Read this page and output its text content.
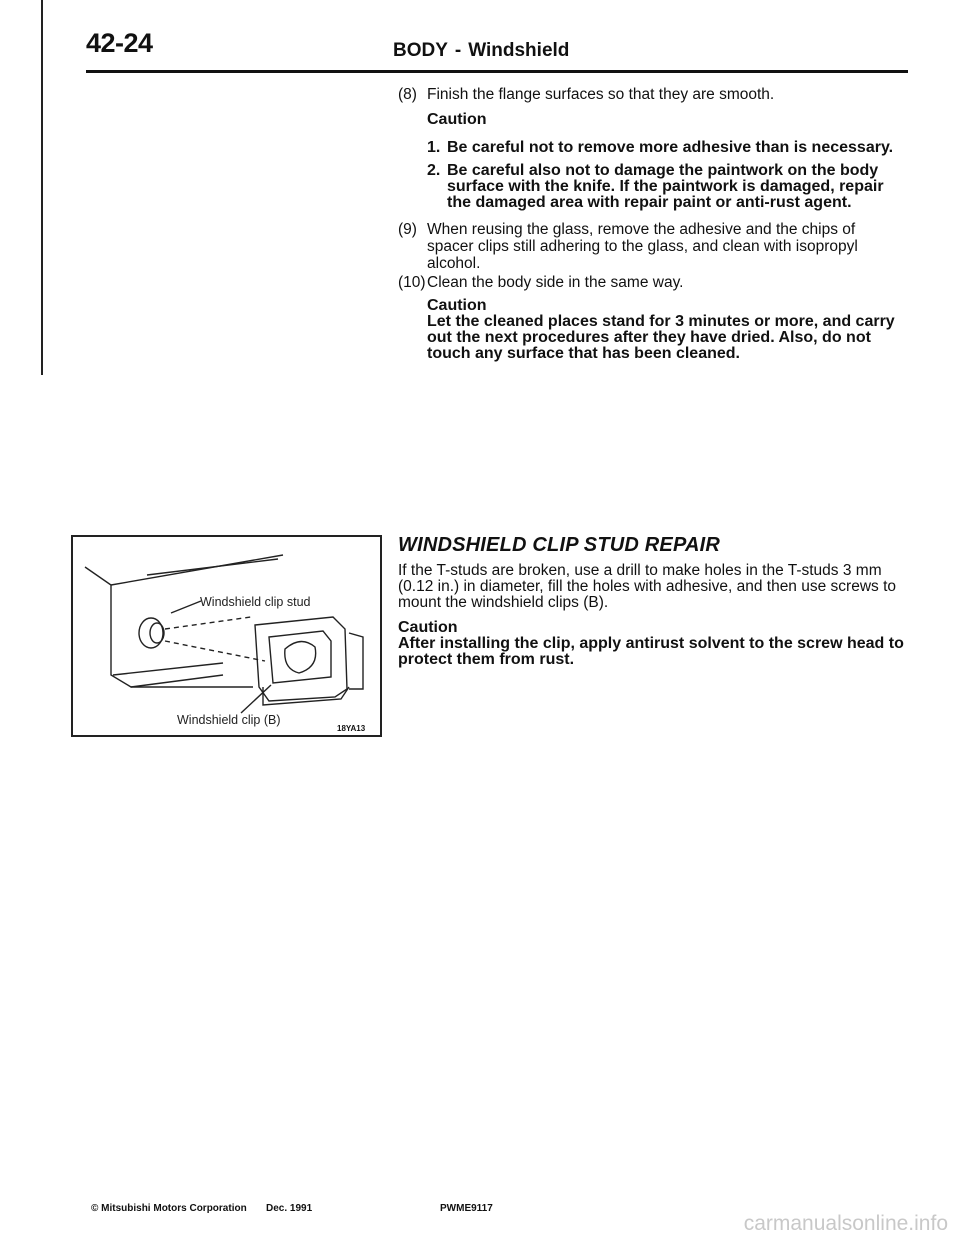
42-24	BODY - Windshield

(8) Finish the flange surfaces so that they are smooth.

Caution
1. Be careful not to remove more adhesive than is necessary.
2. Be careful also not to damage the paintwork on the body surface with the knife. If the paintwork is damaged, repair the damaged area with repair paint or anti-rust agent.

(9) When reusing the glass, remove the adhesive and the chips of spacer clips still adhering to the glass, and clean with isopropyl alcohol.

(10) Clean the body side in the same way.

Caution
Let the cleaned places stand for 3 minutes or more, and carry out the next procedures after they have dried. Also, do not touch any surface that has been cleaned.
WINDSHIELD CLIP STUD REPAIR
If the T-studs are broken, use a drill to make holes in the T-studs 3 mm (0.12 in.) in diameter, fill the holes with adhesive, and then use screws to mount the windshield clips (B).
Caution
After installing the clip, apply antirust solvent to the screw head to protect them from rust.
Windshield clip stud
Windshield clip (B)
18YA13
© Mitsubishi Motors Corporation Dec. 1991	PWME9117
carmanualsonline.info
